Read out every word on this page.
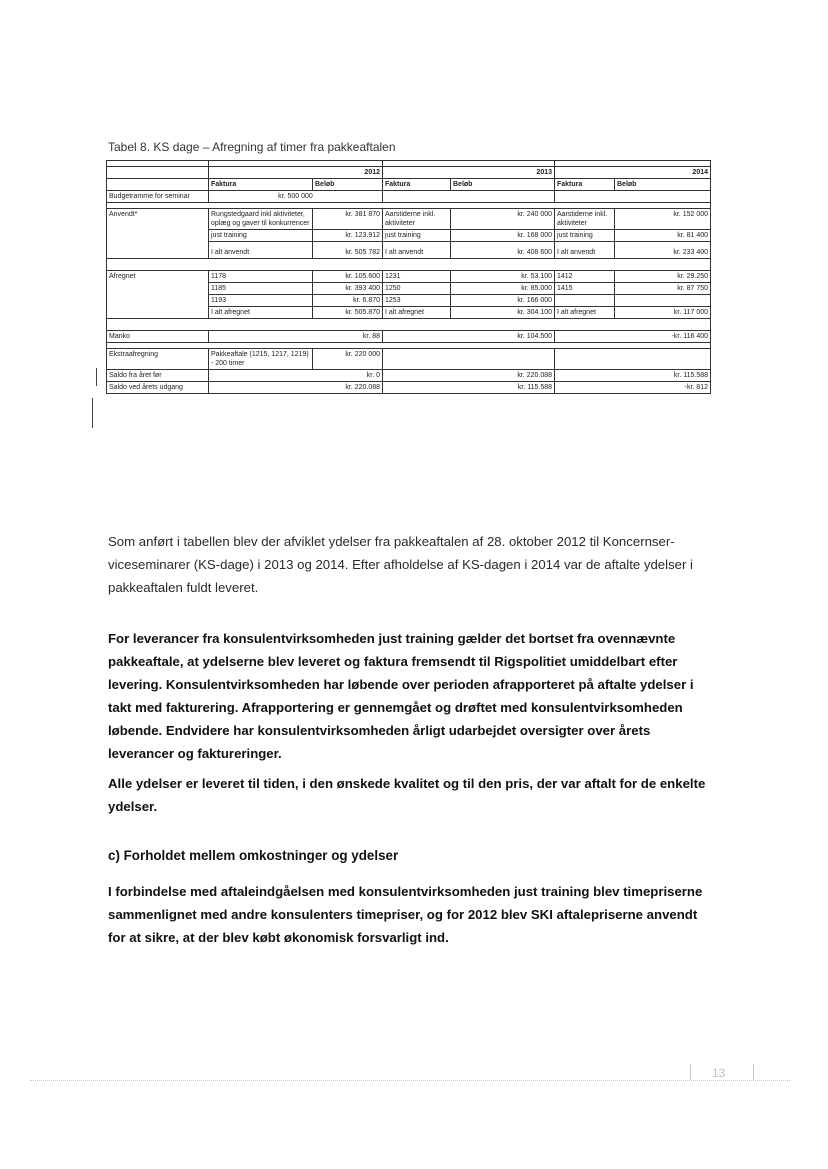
Tabel 8. KS dage – Afregning af timer fra pakkeaftalen

	2012		2013		2014	
	Faktura	Beløb	Faktura	Beløb	Faktura	Beløb
Budgetramme for seminar	kr. 500 000					

Anvendt*	Rungstedgaard inkl aktiviteter, oplæg og gaver til konkurrencer	kr. 381 870	Aarstiderne inkl. aktiviteter	kr. 240 000	Aarstiderne inkl. aktiviteter	kr. 152 000
	just training	kr. 123.912	just training	kr. 168 000	just training	kr. 81 400
	I alt anvendt	kr. 505 782	I alt anvendt	kr. 408 600	I alt anvendt	kr. 233 400

Afregnet	1178	kr. 105.600	1231	kr. 53.100	1412	kr. 29.250
	1185	kr. 393 400	1250	kr. 85.000	1415	kr. 87 750
	1193	kr. 6.870	1253	kr. 166 000		
	I alt afregnet	kr. 505.870	I alt afregnet	kr. 304.100	I alt afregnet	kr. 117 000

Manko	kr. 88		kr. 104.500		-kr. 116 400	

Ekstraafregning	Pakkeaftale (1215, 1217, 1219) - 200 timer	kr. 220 000				
Saldo fra året før	kr. 0		kr. 220.088		kr. 115.588	
Saldo ved årets udgang	kr. 220.088		kr. 115.588		-kr. 812	

Som anført i tabellen blev der afviklet ydelser fra pakkeaftalen af 28. oktober 2012 til Koncernserviceseminarer (KS-dage) i 2013 og 2014. Efter afholdelse af KS-dagen i 2014 var de aftalte ydelser i pakkeaftalen fuldt leveret.

For leverancer fra konsulentvirksomheden just training gælder det bortset fra ovennævnte pakkeaftale, at ydelserne blev leveret og faktura fremsendt til Rigspolitiet umiddelbart efter levering. Konsulentvirksomheden har løbende over perioden afrapporteret på aftalte ydelser i takt med fakturering. Afrapportering er gennemgået og drøftet med konsulentvirksomheden løbende. Endvidere har konsulentvirksomheden årligt udarbejdet oversigter over årets leverancer og faktureringer.

Alle ydelser er leveret til tiden, i den ønskede kvalitet og til den pris, der var aftalt for de enkelte ydelser.

c) Forholdet mellem omkostninger og ydelser

I forbindelse med aftaleindgåelsen med konsulentvirksomheden just training blev timepriserne sammenlignet med andre konsulenters timepriser, og for 2012 blev SKI aftalepriserne anvendt for at sikre, at der blev købt økonomisk forsvarligt ind.

13
